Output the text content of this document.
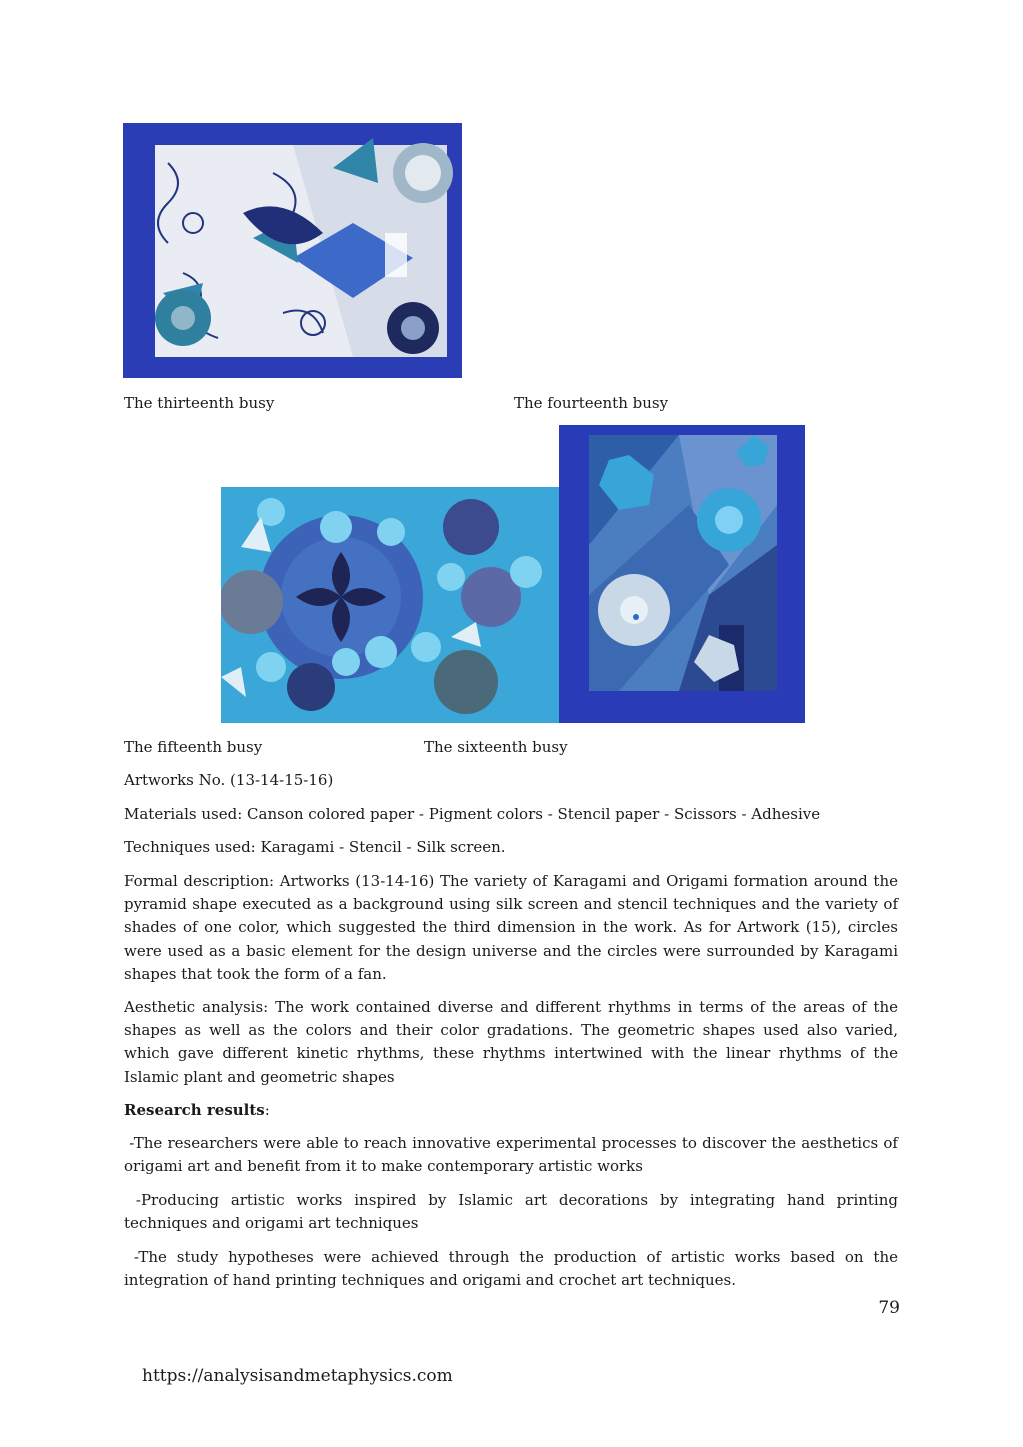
The thirteenth busy	The fourteenth busy
The fifteenth busy	The sixteenth busy

Artworks No. (13-14-15-16)

Materials used: Canson colored paper - Pigment colors - Stencil paper - Scissors - Adhesive

Techniques used: Karagami - Stencil - Silk screen.

Formal description: Artworks (13-14-16) The variety of Karagami and Origami formation around the pyramid shape executed as a background using silk screen and stencil techniques and the variety of shades of one color, which suggested the third dimension in the work. As for Artwork (15), circles were used as a basic element for the design universe and the circles were surrounded by Karagami shapes that took the form of a fan.

Aesthetic analysis: The work contained diverse and different rhythms in terms of the areas of the shapes as well as the colors and their color gradations. The geometric shapes used also varied, which gave different kinetic rhythms, these rhythms intertwined with the linear rhythms of the Islamic plant and geometric shapes

Research results:

-The researchers were able to reach innovative experimental processes to discover the aesthetics of origami art and benefit from it to make contemporary artistic works

-Producing artistic works inspired by Islamic art decorations by integrating hand printing techniques and origami art techniques

-The study hypotheses were achieved through the production of artistic works based on the integration of hand printing techniques and origami and crochet art techniques.

79
https://analysisandmetaphysics.com
